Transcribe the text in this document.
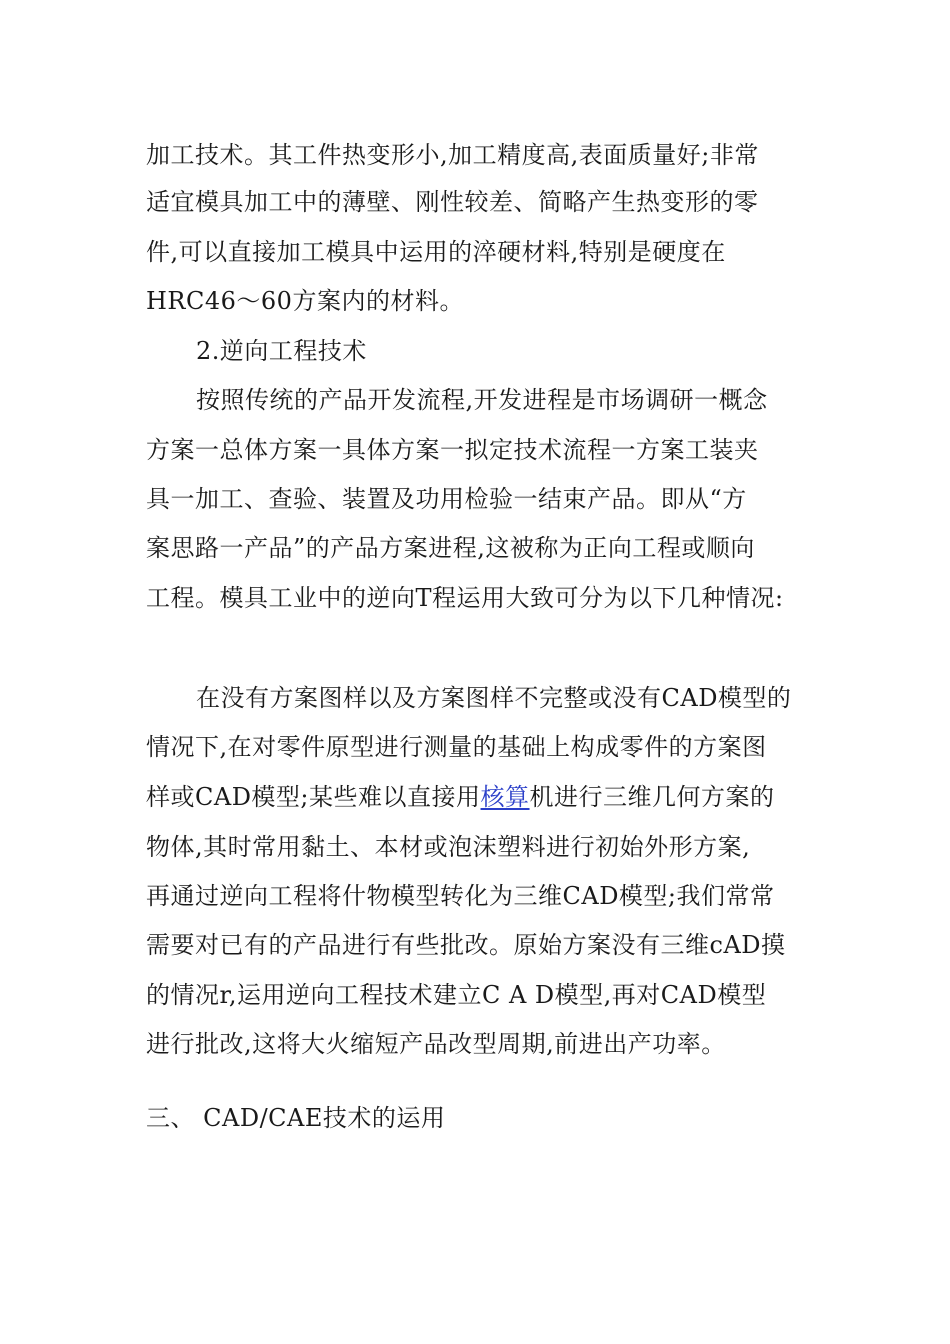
加工技术。其工件热变形小,加工精度高,表面质量好;非常
适宜模具加工中的薄壁、刚性较差、简略产生热变形的零
件,可以直接加工模具中运用的淬硬材料,特别是硬度在
HRC46～60方案内的材料。
2.逆向工程技术
按照传统的产品开发流程,开发进程是市场调研一概念
方案一总体方案一具体方案一拟定技术流程一方案工装夹
具一加工、查验、装置及功用检验一结束产品。即从“方
案思路一产品”的产品方案进程,这被称为正向工程或顺向
工程。模具工业中的逆向T程运用大致可分为以下几种情况:
在没有方案图样以及方案图样不完整或没有CAD模型的
情况下,在对零件原型进行测量的基础上构成零件的方案图
样或CAD模型;某些难以直接用核算机进行三维几何方案的
物体,其时常用黏土、本材或泡沫塑料进行初始外形方案,
再通过逆向工程将什物模型转化为三维CAD模型;我们常常
需要对已有的产品进行有些批改。原始方案没有三维cAD摸
的情况r,运用逆向工程技术建立C A D模型,再对CAD模型
进行批改,这将大火缩短产品改型周期,前进出产功率。
三、 CAD/CAE技术的运用
